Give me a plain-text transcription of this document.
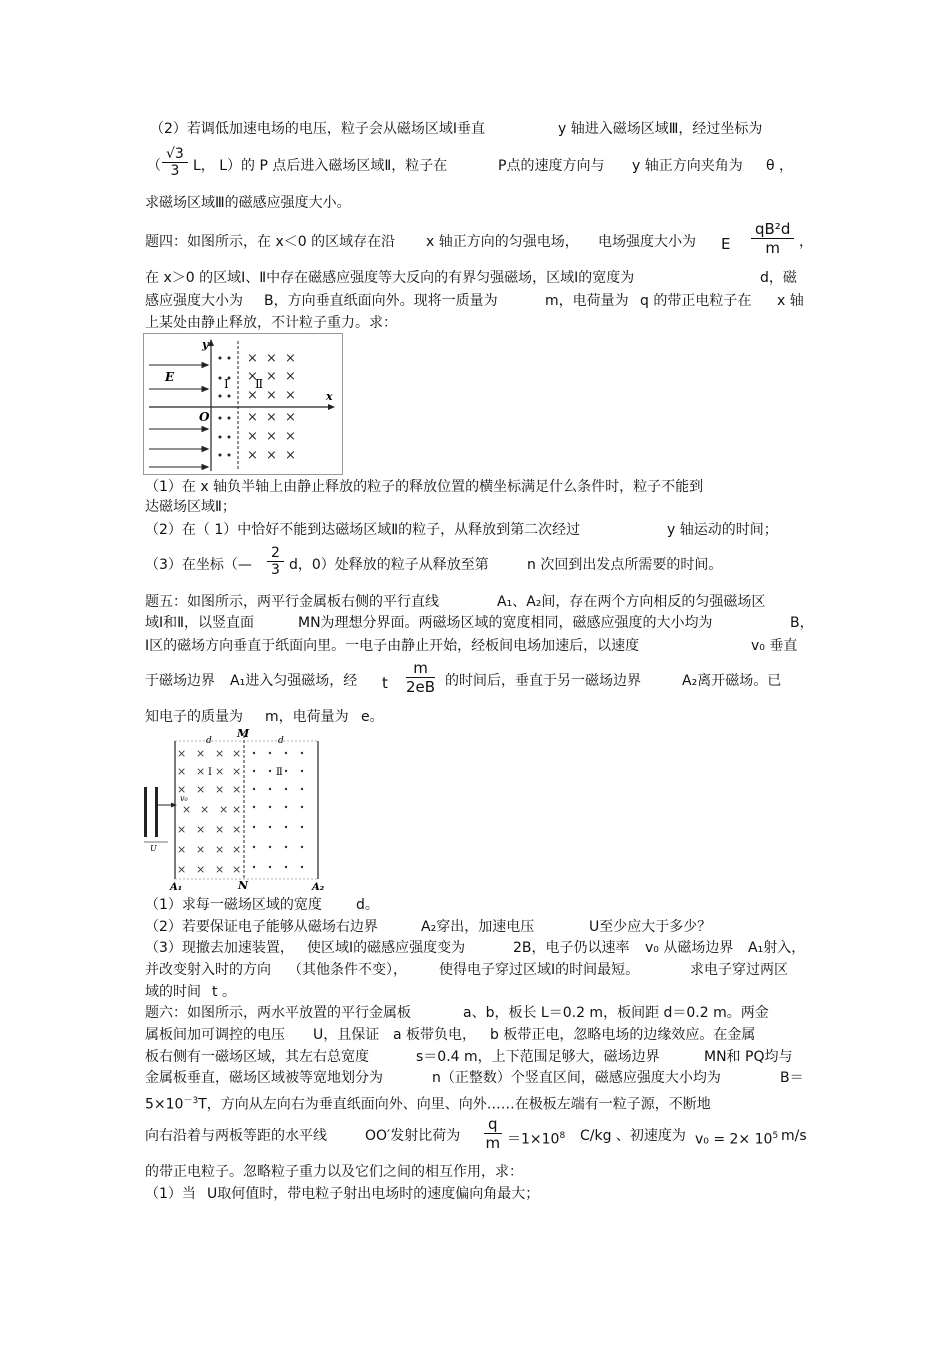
（2）若调低加速电场的电压，粒子会从磁场区域Ⅰ垂直	y 轴进入磁场区域Ⅲ，经过坐标为
（ $\frac{√3}{3}$ L， L）的 P 点后进入磁场区域Ⅱ，粒子在	P点的速度方向与 y 轴正方向夹角为 θ ，
求磁场区域Ⅲ的磁感应强度大小。
题四：如图所示，在 x＜0 的区域存在沿 x 轴正方向的匀强电场， 电场强度大小为 E $\frac{\text{qB²d}}{m}$ ，
在 x＞0 的区域Ⅰ、Ⅱ中存在磁感应强度等大反向的有界匀强磁场，区域Ⅰ的宽度为	d，磁
感应强度大小为 B，方向垂直纸面向外。现将一质量为	m，电荷量为 q 的带正电粒子在 x 轴
上某处由静止释放，不计粒子重力。求：
× × ×
× × ×
× × ×
× × ×
× × ×
× × ×
y
x
E
O
Ⅰ Ⅱ
（1）在 x 轴负半轴上由静止释放的粒子的释放位置的横坐标满足什么条件时，粒子不能到
达磁场区域Ⅱ；
（2）在（ 1）中恰好不能到达磁场区域Ⅱ的粒子，从释放到第二次经过	y 轴运动的时间；
（3）在坐标（— $\frac{2}{3}$ d，0）处释放的粒子从释放至第	n 次回到出发点所需要的时间。
题五：如图所示，两平行金属板右侧的平行直线	A₁、A₂间，存在两个方向相反的匀强磁场区
域Ⅰ和Ⅱ，以竖直面	MN为理想分界面。两磁场区域的宽度相同，磁感应强度的大小均为	B，
Ⅰ区的磁场方向垂直于纸面向里。一电子由静止开始，经板间电场加速后，以速度	v₀ 垂直
于磁场边界 A₁进入匀强磁场，经 t $\frac{m}{2eB}$ 的时间后，垂直于另一磁场边界	A₂离开磁场。已
知电子的质量为 m，电荷量为 e。
× × × ×
× × × ×
× × × ×
× × × ×
× × × ×
× × × ×
× × × ×
M
N
d	d
Ⅰ	Ⅱ
A₁	A₂
v₀
U
（1）求每一磁场区域的宽度 d。
（2）若要保证电子能够从磁场右边界	A₂穿出，加速电压	U至少应大于多少？
（3）现撤去加速装置， 使区域Ⅰ的磁感应强度变为	2B，电子仍以速率 v₀ 从磁场边界 A₁射入，
并改变射入时的方向 （其他条件不变）， 使得电子穿过区域Ⅰ的时间最短。	求电子穿过两区
域的时间 t 。
题六：如图所示，两水平放置的平行金属板	a、b，板长 L＝0.2 m，板间距 d＝0.2 m。两金
属板间加可调控的电压 U，且保证 a 板带负电， b 板带正电，忽略电场的边缘效应。在金属
板右侧有一磁场区域，其左右总宽度	s＝0.4 m，上下范围足够大，磁场边界	MN和 PQ均与
金属板垂直，磁场区域被等宽地划分为	n（正整数）个竖直区间，磁感应强度大小均为	B＝
$5\times 10^{-3}T$，方向从左向右为垂直纸面向外、向里、向外……在极板左端有一粒子源，不断地
向右沿着与两板等距的水平线	OO′发射比荷为 $\frac{q}{m} =1\times 10^8$ C/kg 、初速度为 $v_0 = 2\times 10^5$ m/s
的带正电粒子。忽略粒子重力以及它们之间的相互作用，求：
（1）当 U取何值时，带电粒子射出电场时的速度偏向角最大；
